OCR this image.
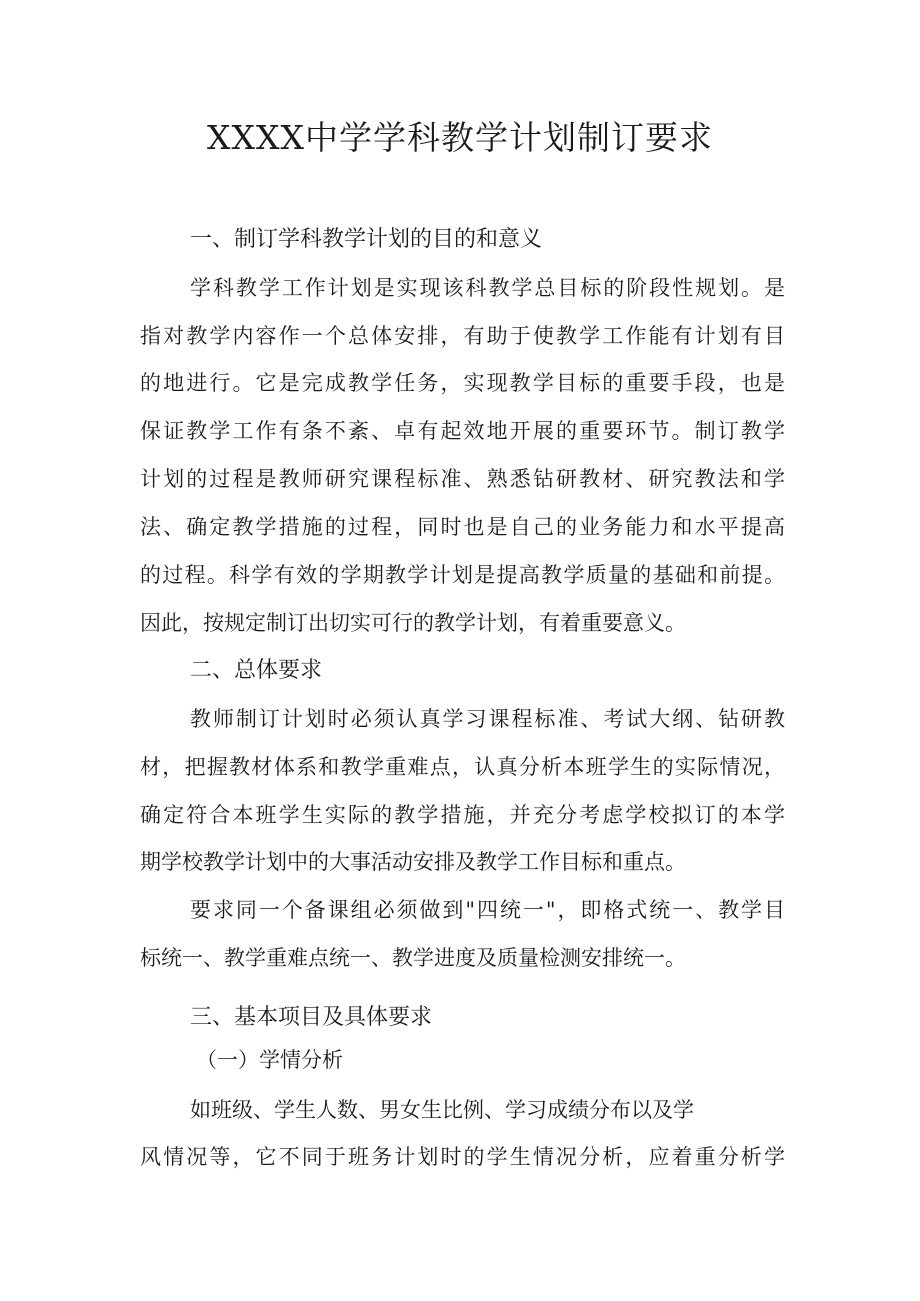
XXXX中学学科教学计划制订要求
一、制订学科教学计划的目的和意义
学科教学工作计划是实现该科教学总目标的阶段性规划。是
指对教学内容作一个总体安排，有助于使教学工作能有计划有目
的地进行。它是完成教学任务，实现教学目标的重要手段，也是
保证教学工作有条不紊、卓有起效地开展的重要环节。制订教学
计划的过程是教师研究课程标准、熟悉钻研教材、研究教法和学
法、确定教学措施的过程，同时也是自己的业务能力和水平提高
的过程。科学有效的学期教学计划是提高教学质量的基础和前提。
因此，按规定制订出切实可行的教学计划，有着重要意义。
二、总体要求
教师制订计划时必须认真学习课程标准、考试大纲、钻研教
材，把握教材体系和教学重难点，认真分析本班学生的实际情况，
确定符合本班学生实际的教学措施，并充分考虑学校拟订的本学
期学校教学计划中的大事活动安排及教学工作目标和重点。
要求同一个备课组必须做到"四统一"，即格式统一、教学目
标统一、教学重难点统一、教学进度及质量检测安排统一。
三、基本项目及具体要求
（一）学情分析
如班级、学生人数、男女生比例、学习成绩分布以及学
风情况等，它不同于班务计划时的学生情况分析，应着重分析学
